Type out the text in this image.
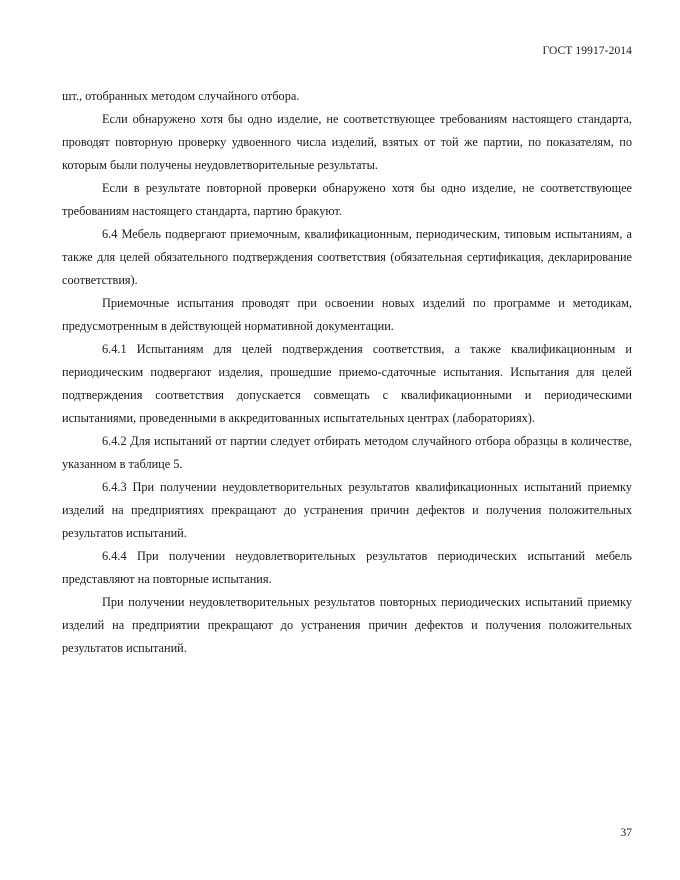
ГОСТ 19917-2014

шт., отобранных методом случайного отбора.

Если обнаружено хотя бы одно изделие, не соответствующее требованиям настоящего стандарта, проводят повторную проверку удвоенного числа изделий, взятых от той же партии, по показателям, по которым были получены неудовлетворительные результаты.

Если в результате повторной проверки обнаружено хотя бы одно изделие, не соответствующее требованиям настоящего стандарта, партию бракуют.

6.4 Мебель подвергают приемочным, квалификационным, периодическим, типовым испытаниям, а также для целей обязательного подтверждения соответствия (обязательная сертификация, декларирование соответствия).

Приемочные испытания проводят при освоении новых изделий по программе и методикам, предусмотренным в действующей нормативной документации.

6.4.1 Испытаниям для целей подтверждения соответствия, а также квалификационным и периодическим подвергают изделия, прошедшие приемо-сдаточные испытания. Испытания для целей подтверждения соответствия допускается совмещать с квалификационными и периодическими испытаниями, проведенными в аккредитованных испытательных центрах (лабораториях).

6.4.2 Для испытаний от партии следует отбирать методом случайного отбора образцы в количестве, указанном в таблице 5.

6.4.3 При получении неудовлетворительных результатов квалификационных испытаний приемку изделий на предприятиях прекращают до устранения причин дефектов и получения положительных результатов испытаний.

6.4.4 При получении неудовлетворительных результатов периодических испытаний мебель представляют на повторные испытания.

При получении неудовлетворительных результатов повторных периодических испытаний приемку изделий на предприятии прекращают до устранения причин дефектов и получения положительных результатов испытаний.

37
